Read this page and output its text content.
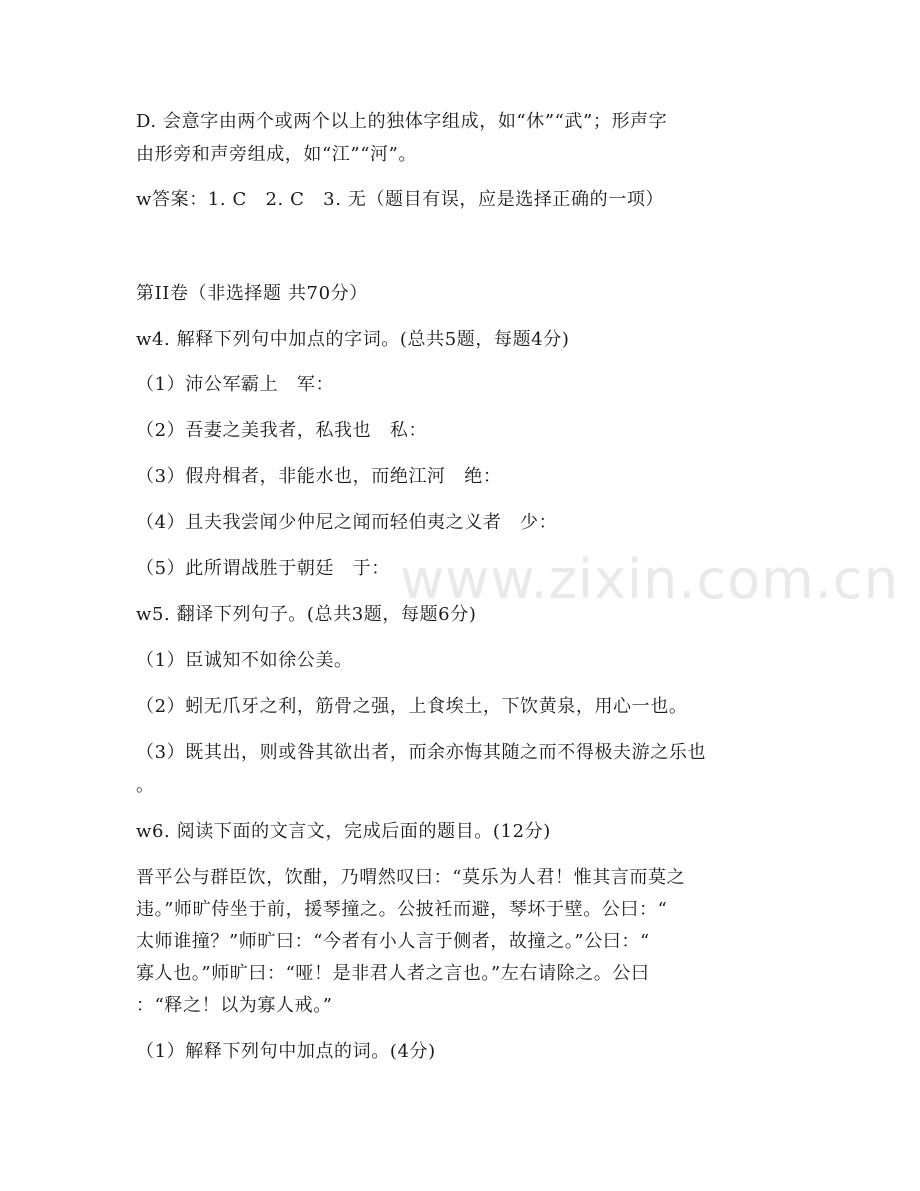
D. 会意字由两个或两个以上的独体字组成，如“休”“武”；形声字
由形旁和声旁组成，如“江”“河”。
w答案：1. C　2. C　3. 无（题目有误，应是选择正确的一项）
第II卷（非选择题 共70分）
w4. 解释下列句中加点的字词。(总共5题，每题4分)
（1）沛公军霸上　军：
（2）吾妻之美我者，私我也　私：
（3）假舟楫者，非能水也，而绝江河　绝：
（4）且夫我尝闻少仲尼之闻而轻伯夷之义者　少：
（5）此所谓战胜于朝廷　于：
w5. 翻译下列句子。(总共3题，每题6分)
（1）臣诚知不如徐公美。
（2）蚓无爪牙之利，筋骨之强，上食埃土，下饮黄泉，用心一也。
（3）既其出，则或咎其欲出者，而余亦悔其随之而不得极夫游之乐也
。
w6. 阅读下面的文言文，完成后面的题目。(12分)
晋平公与群臣饮，饮酣，乃喟然叹曰：“莫乐为人君！惟其言而莫之
违。”师旷侍坐于前，援琴撞之。公披衽而避，琴坏于壁。公曰：“
太师谁撞？”师旷曰：“今者有小人言于侧者，故撞之。”公曰：“
寡人也。”师旷曰：“哑！是非君人者之言也。”左右请除之。公曰
：“释之！以为寡人戒。”
（1）解释下列句中加点的词。(4分)
www.zixin.com.cn
